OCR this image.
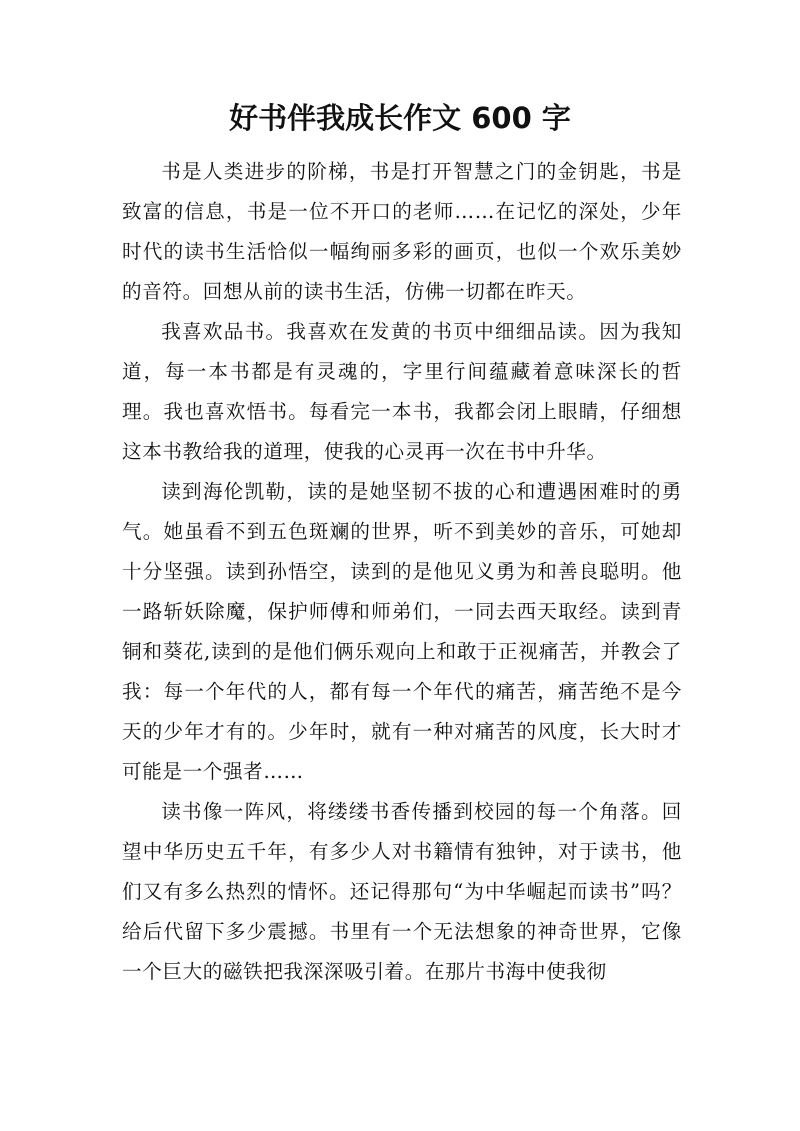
好书伴我成长作文 600 字

书是人类进步的阶梯，书是打开智慧之门的金钥匙，书是致富的信息，书是一位不开口的老师……在记忆的深处，少年时代的读书生活恰似一幅绚丽多彩的画页，也似一个欢乐美妙的音符。回想从前的读书生活，仿佛一切都在昨天。

我喜欢品书。我喜欢在发黄的书页中细细品读。因为我知道，每一本书都是有灵魂的，字里行间蕴藏着意味深长的哲理。我也喜欢悟书。每看完一本书，我都会闭上眼睛，仔细想这本书教给我的道理，使我的心灵再一次在书中升华。

读到海伦凯勒，读的是她坚韧不拔的心和遭遇困难时的勇气。她虽看不到五色斑斓的世界，听不到美妙的音乐，可她却十分坚强。读到孙悟空，读到的是他见义勇为和善良聪明。他一路斩妖除魔，保护师傅和师弟们，一同去西天取经。读到青铜和葵花,读到的是他们俩乐观向上和敢于正视痛苦，并教会了我：每一个年代的人，都有每一个年代的痛苦，痛苦绝不是今天的少年才有的。少年时，就有一种对痛苦的风度，长大时才可能是一个强者……

读书像一阵风，将缕缕书香传播到校园的每一个角落。回望中华历史五千年，有多少人对书籍情有独钟，对于读书，他们又有多么热烈的情怀。还记得那句“为中华崛起而读书”吗？给后代留下多少震撼。书里有一个无法想象的神奇世界，它像一个巨大的磁铁把我深深吸引着。在那片书海中使我彻
